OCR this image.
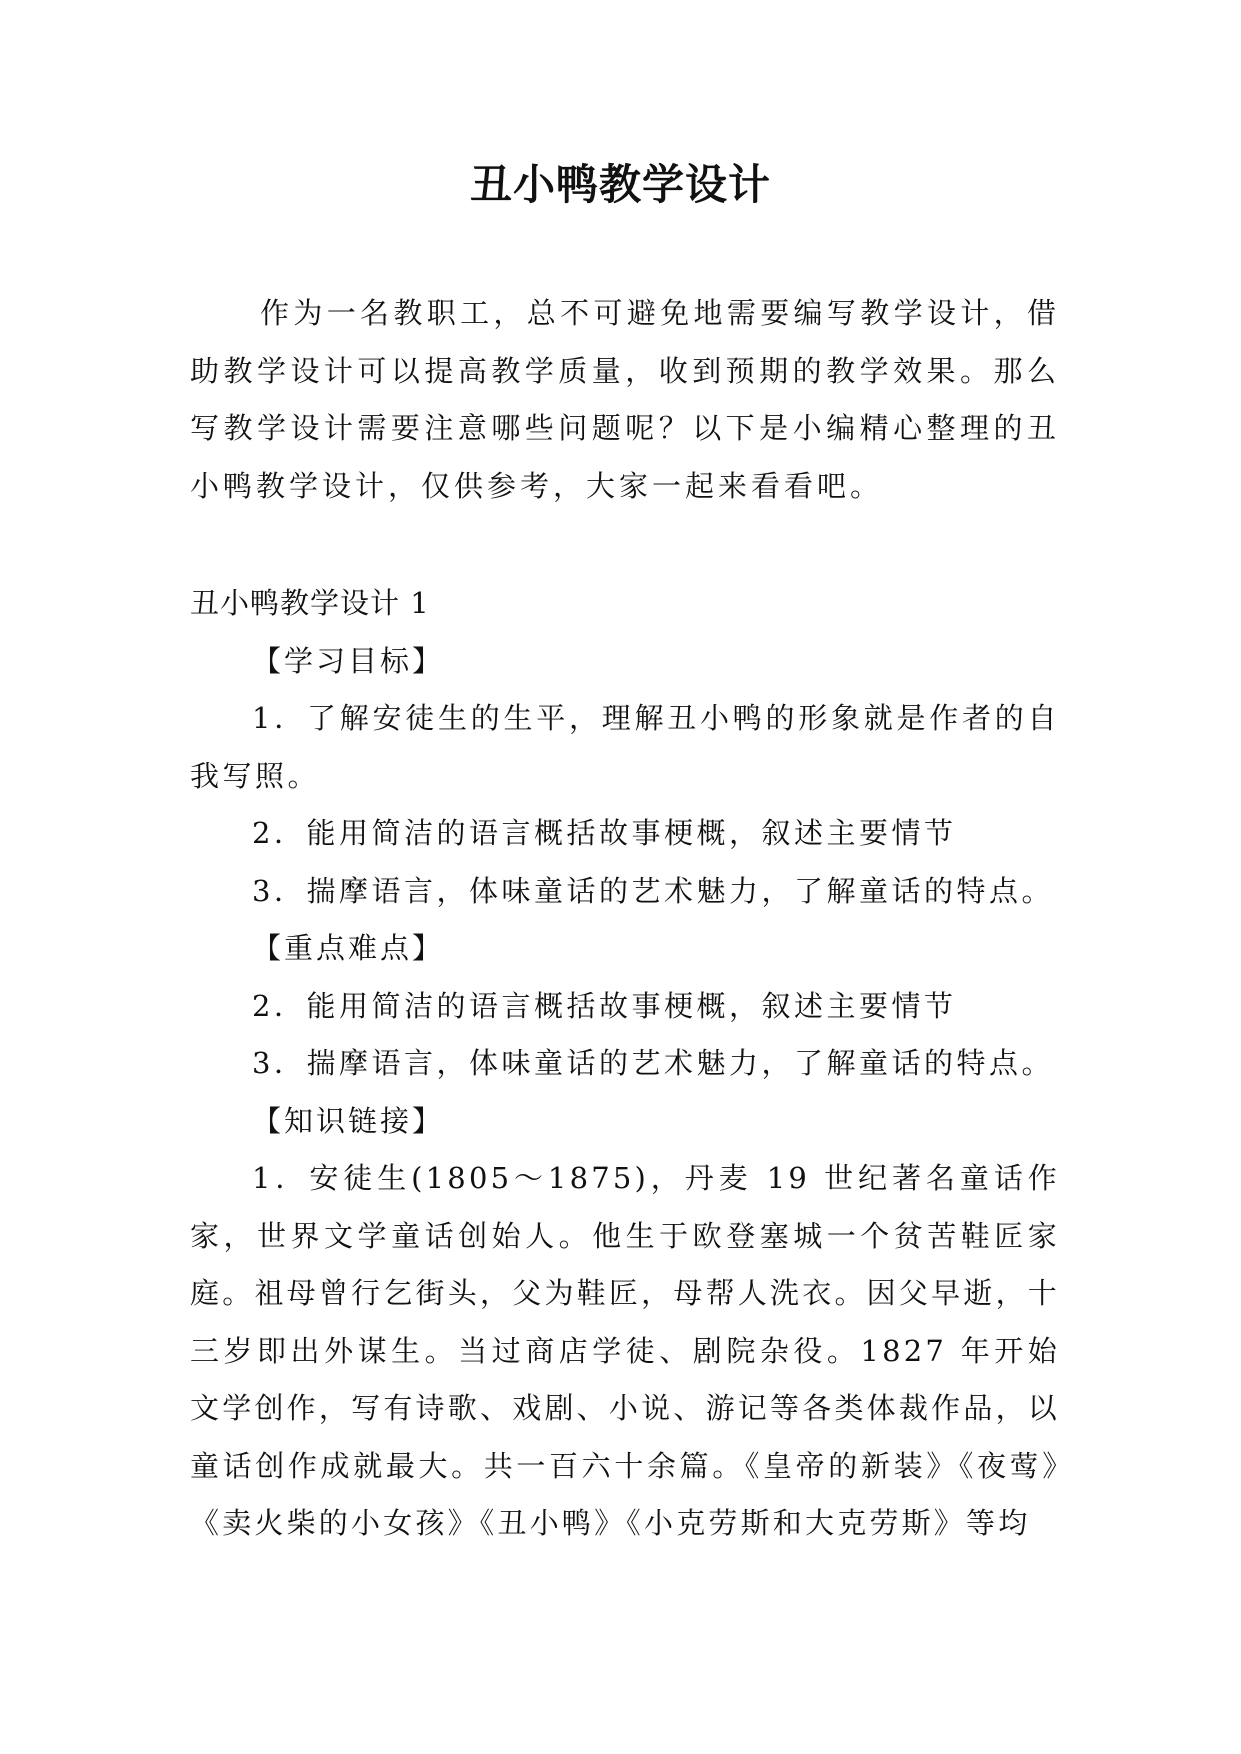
丑小鸭教学设计

作为一名教职工，总不可避免地需要编写教学设计，借助教学设计可以提高教学质量，收到预期的教学效果。那么写教学设计需要注意哪些问题呢？以下是小编精心整理的丑小鸭教学设计，仅供参考，大家一起来看看吧。

丑小鸭教学设计 1

【学习目标】

1．了解安徒生的生平，理解丑小鸭的形象就是作者的自我写照。

2．能用简洁的语言概括故事梗概，叙述主要情节

3．揣摩语言，体味童话的艺术魅力，了解童话的特点。

【重点难点】

2．能用简洁的语言概括故事梗概，叙述主要情节

3．揣摩语言，体味童话的艺术魅力，了解童话的特点。

【知识链接】

1．安徒生(1805～1875)，丹麦 19 世纪著名童话作家，世界文学童话创始人。他生于欧登塞城一个贫苦鞋匠家庭。祖母曾行乞街头，父为鞋匠，母帮人洗衣。因父早逝，十三岁即出外谋生。当过商店学徒、剧院杂役。1827 年开始文学创作，写有诗歌、戏剧、小说、游记等各类体裁作品，以童话创作成就最大。共一百六十余篇。《皇帝的新装》《夜莺》《卖火柴的小女孩》《丑小鸭》《小克劳斯和大克劳斯》等均
